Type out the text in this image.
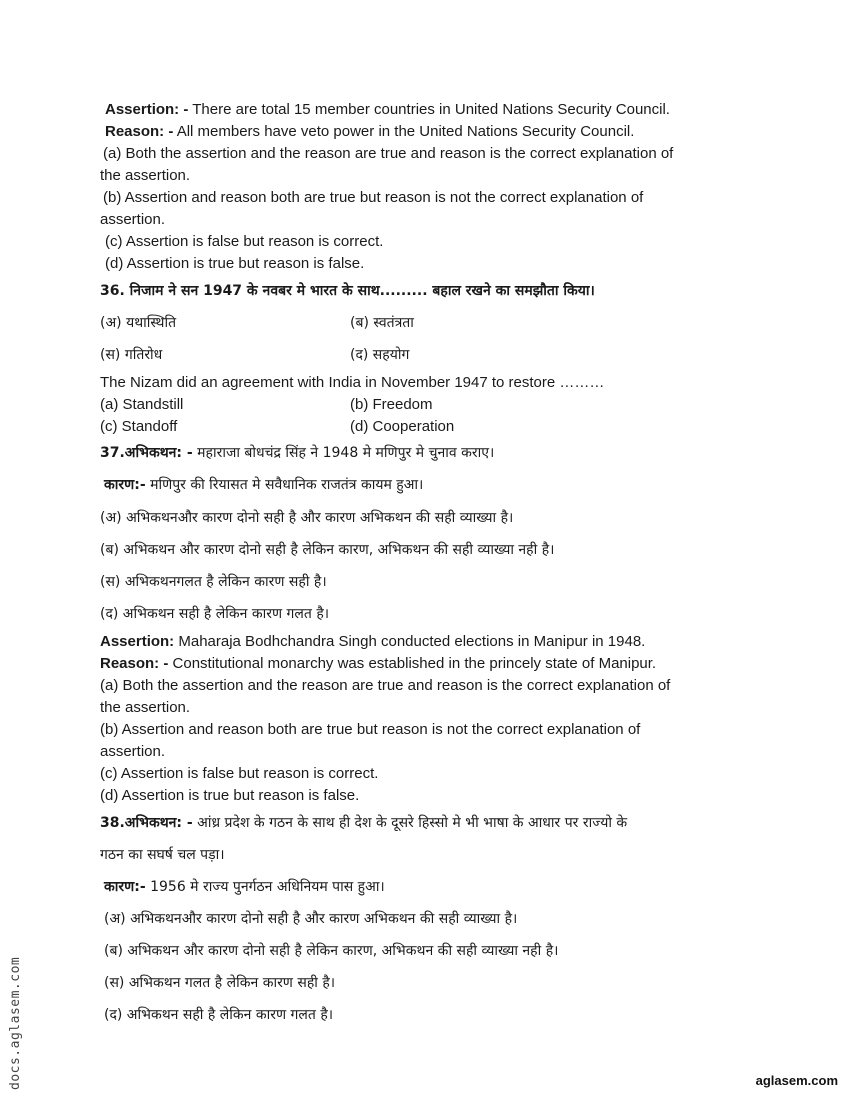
Assertion: - There are total 15 member countries in United Nations Security Council.
Reason: - All members have veto power in the United Nations Security Council.
(a) Both the assertion and the reason are true and reason is the correct explanation of
the assertion.
(b) Assertion and reason both are true but reason is not the correct explanation of
assertion.
(c) Assertion is false but reason is correct.
(d) Assertion is true but reason is false.
36. निजाम ने सन 1947 के नवबर मे भारत के साथ......... बहाल रखने का समझौता किया।
(अ) यथास्थिति	(ब) स्वतंत्रता
(स) गतिरोध	(द) सहयोग
The Nizam did an agreement with India in November 1947 to restore ………
(a) Standstill	(b) Freedom
(c) Standoff	(d) Cooperation
37.अभिकथन: - महाराजा बोधचंद्र सिंह ने 1948 मे मणिपुर मे चुनाव कराए।
कारण:- मणिपुर की रियासत मे सवैधानिक राजतंत्र कायम हुआ।
(अ) अभिकथनऔर कारण दोनो सही है और कारण अभिकथन की सही व्याख्या है।
(ब) अभिकथन और कारण दोनो सही है लेकिन कारण, अभिकथन की सही व्याख्या नही है।
(स) अभिकथनगलत है लेकिन कारण सही है।
(द) अभिकथन सही है लेकिन कारण गलत है।
Assertion: Maharaja Bodhchandra Singh conducted elections in Manipur in 1948.
Reason: - Constitutional monarchy was established in the princely state of Manipur.
(a) Both the assertion and the reason are true and reason is the correct explanation of
the assertion.
(b) Assertion and reason both are true but reason is not the correct explanation of
assertion.
(c) Assertion is false but reason is correct.
(d) Assertion is true but reason is false.
38.अभिकथन: - आंध्र प्रदेश के गठन के साथ ही देश के दूसरे हिस्सो मे भी भाषा के आधार पर राज्यो के
गठन का सघर्ष चल पड़ा।
कारण:- 1956 मे राज्य पुनर्गठन अधिनियम पास हुआ।
(अ) अभिकथनऔर कारण दोनो सही है और कारण अभिकथन की सही व्याख्या है।
(ब) अभिकथन और कारण दोनो सही है लेकिन कारण, अभिकथन की सही व्याख्या नही है।
(स) अभिकथन गलत है लेकिन कारण सही है।
(द) अभिकथन सही है लेकिन कारण गलत है।
docs.aglasem.com	aglasem.com
